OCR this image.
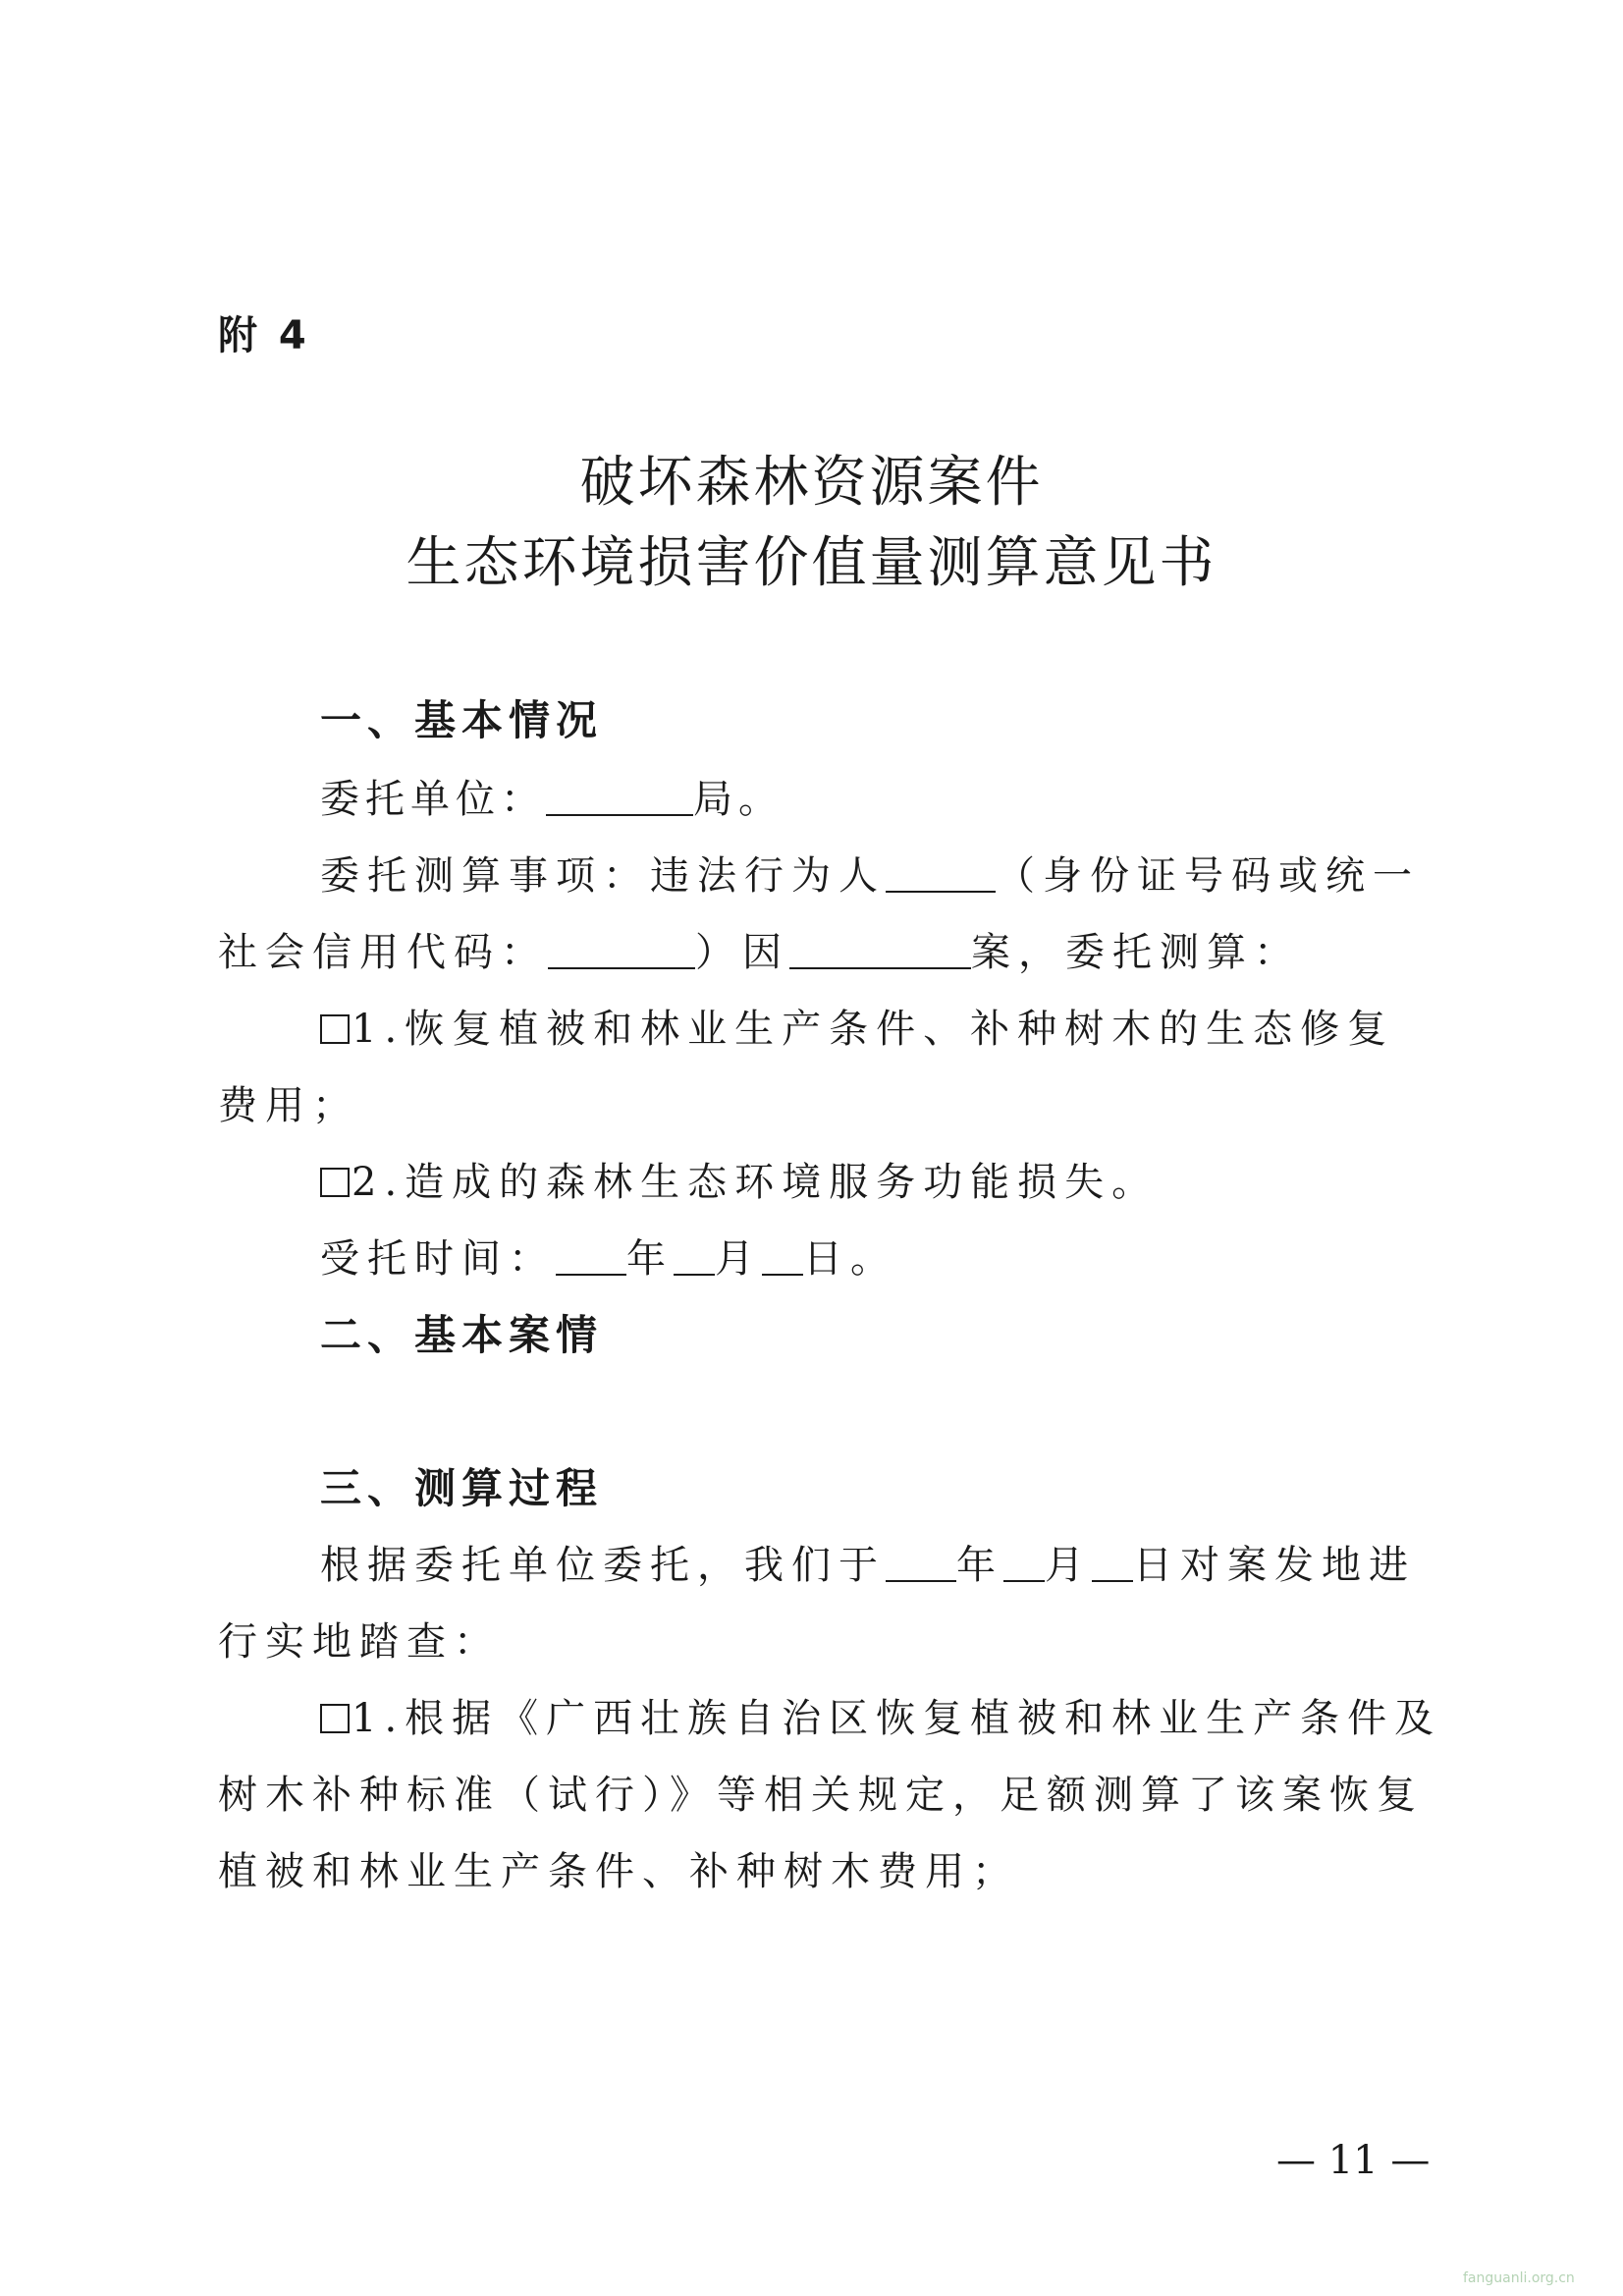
附 4
破坏森林资源案件
生态环境损害价值量测算意见书
一、基本情况
委托单位：	局。
委托测算事项：违法行为人	（身份证号码或统一
社会信用代码：	）因	案，委托测算：
1.恢复植被和林业生产条件、补种树木的生态修复
费用；
2.造成的森林生态环境服务功能损失。
受托时间： 年 月 日。
二、基本案情
三、测算过程
根据委托单位委托，我们于 年 月 日对案发地进
行实地踏查：
1.根据《广西壮族自治区恢复植被和林业生产条件及
树木补种标准（试行）》等相关规定，足额测算了该案恢复
植被和林业生产条件、补种树木费用；
— 11 —
fanguanli.org.cn
